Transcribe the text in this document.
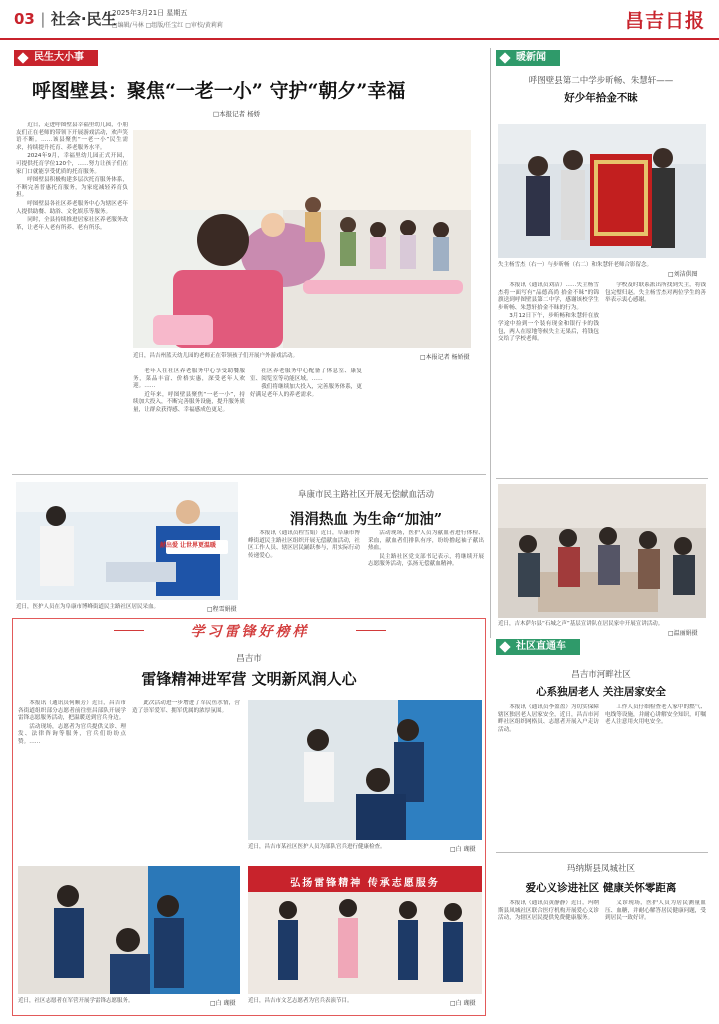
03 | 社会·民生
2025年3月21日 星期五
□编辑/马林 □组版/任宝红 □审校/黄莉莉	昌吉日报
民生大小事
呼图壁县：聚焦“一老一小” 守护“朝夕”幸福
□本报记者 杨娇

近日，走进呼图壁县幸福里幼儿园，小朋友们正在老师的带领下开展游戏活动，欢声笑语不断。……该县聚焦“一老一小”民生需求，持续提升托育、养老服务水平。

2024年9月，幸福里幼儿园正式开园，可提供托育学位120个，……努力让孩子们在家门口就能享受优质的托育服务。

呼图壁县积极构建多层次托育服务体系，不断完善普惠托育服务，为家庭减轻养育负担。

呼图壁县各社区养老服务中心为辖区老年人提供助餐、助浴、文化娱乐等服务。

同时，全县持续推进居家社区养老服务改革，让老年人老有所养、老有所乐。

近日，昌吉州蓝天幼儿园的老师正在带领孩子们开展户外游戏活动。	□本报记者 杨娇摄

老年人在社区养老服务中心享受助餐服务，菜品丰富、价格实惠，深受老年人欢迎。……

近年来，呼图壁县聚焦“一老一小”，持续加大投入，不断完善服务设施，提升服务质量，让群众获得感、幸福感成色更足。

社区养老服务中心配备了休息室、康复室、阅览室等功能区域。……

我们将继续加大投入，完善服务体系，更好满足老年人的养老需求。

暖新闻
呼图壁县第二中学步昕畅、朱慧轩——
好少年拾金不昧
失主杨雪杰（右一）与步昕畅（右二）和朱慧轩老师合影留念。
□刘洁供图

本报讯（通讯员刘洁）……失主杨雪杰将一面写有“品德高尚 拾金不昧”的锦旗送到呼图壁县第二中学，感谢该校学生步昕畅、朱慧轩拾金不昧的行为。

3月12日下午，步昕畅和朱慧轩在放学途中捡到一个装有现金和银行卡的钱包，两人在原地等候失主无果后，将钱包交给了学校老师。

学校及时联系派出所找到失主，将钱包完璧归赵。失主杨雪杰对两位学生的善举表示衷心感谢。

近日，吉木萨尔县“石城之声”基层宣讲队在居民家中开展宣讲活动。
□温丽娟摄
献出爱 让世界更温暖
近日，医护人员在为阜康市博峰街道民主路社区居民采血。	□程雪娟摄
阜康市民主路社区开展无偿献血活动
涓涓热血 为生命“加油”

本报讯（通讯员程雪娟）近日，阜康市博峰街道民主路社区组织开展无偿献血活动，社区工作人员、辖区居民踊跃参与，用实际行动传递爱心。

活动现场，医护人员为献血者进行体检、采血，献血者们排队有序，纷纷撸起袖子献出热血。

民主路社区党支部书记表示，将继续开展志愿服务活动，弘扬无偿献血精神。

学习雷锋好榜样
昌吉市
雷锋精神进军营 文明新风润人心

本报讯（通讯员何顺芳）近日，昌吉市各街道组织部分志愿者前往驻昌部队开展学雷锋志愿服务活动，把温暖送到官兵身边。

活动现场，志愿者为官兵提供义诊、理发、法律咨询等服务，官兵们纷纷点赞。……

此次活动进一步增进了军民鱼水情，营造了崇军爱军、拥军优属的浓厚氛围。

近日，昌吉市某社区医护人员为部队官兵进行健康检查。	□白 瑚摄
近日，社区志愿者在军营开展学雷锋志愿服务。	□白 瑚摄
弘扬雷锋精神 传承志愿服务
近日，昌吉市文艺志愿者为官兵表演节目。	□白 瑚摄
社区直通车
昌吉市河畔社区
心系独居老人 关注居家安全

本报讯（通讯员李盈盈）为切实保障辖区独居老人居家安全，近日，昌吉市河畔社区组织网格员、志愿者开展入户走访活动。

工作人员仔细检查老人家中的燃气、电线等设施，并耐心讲解安全知识，叮嘱老人注意用火用电安全。

玛纳斯县凤城社区
爱心义诊进社区 健康关怀零距离

本报讯（通讯员黄静静）近日，玛纳斯县凤城社区联合医疗机构开展爱心义诊活动，为辖区居民提供免费健康服务。

义诊现场，医护人员为居民测量血压、血糖，并耐心解答居民健康问题，受到居民一致好评。
